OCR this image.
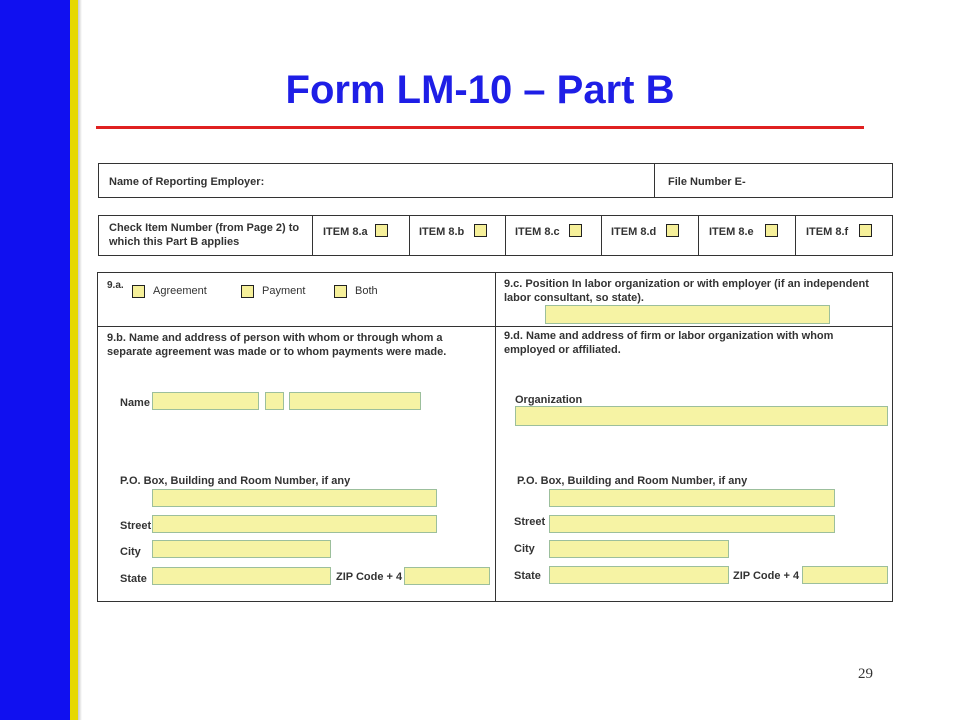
Form LM-10 – Part B
Name of Reporting Employer:	File Number E-
Check Item Number (from Page 2) to which this Part B applies
ITEM 8.a	ITEM 8.b	ITEM 8.c	ITEM 8.d	ITEM 8.e	ITEM 8.f
9.a.	Agreement	Payment	Both
9.c. Position In labor organization or with employer (if an independent labor consultant, so state).
9.b. Name and address of person with whom or through whom a separate agreement was made or to whom payments were made.
Name
P.O. Box, Building and Room Number, if any
Street
City
State	ZIP Code + 4
9.d. Name and address of firm or labor organization with whom employed or affiliated.
Organization
P.O. Box, Building and Room Number, if any
Street
City
State	ZIP Code + 4
29
